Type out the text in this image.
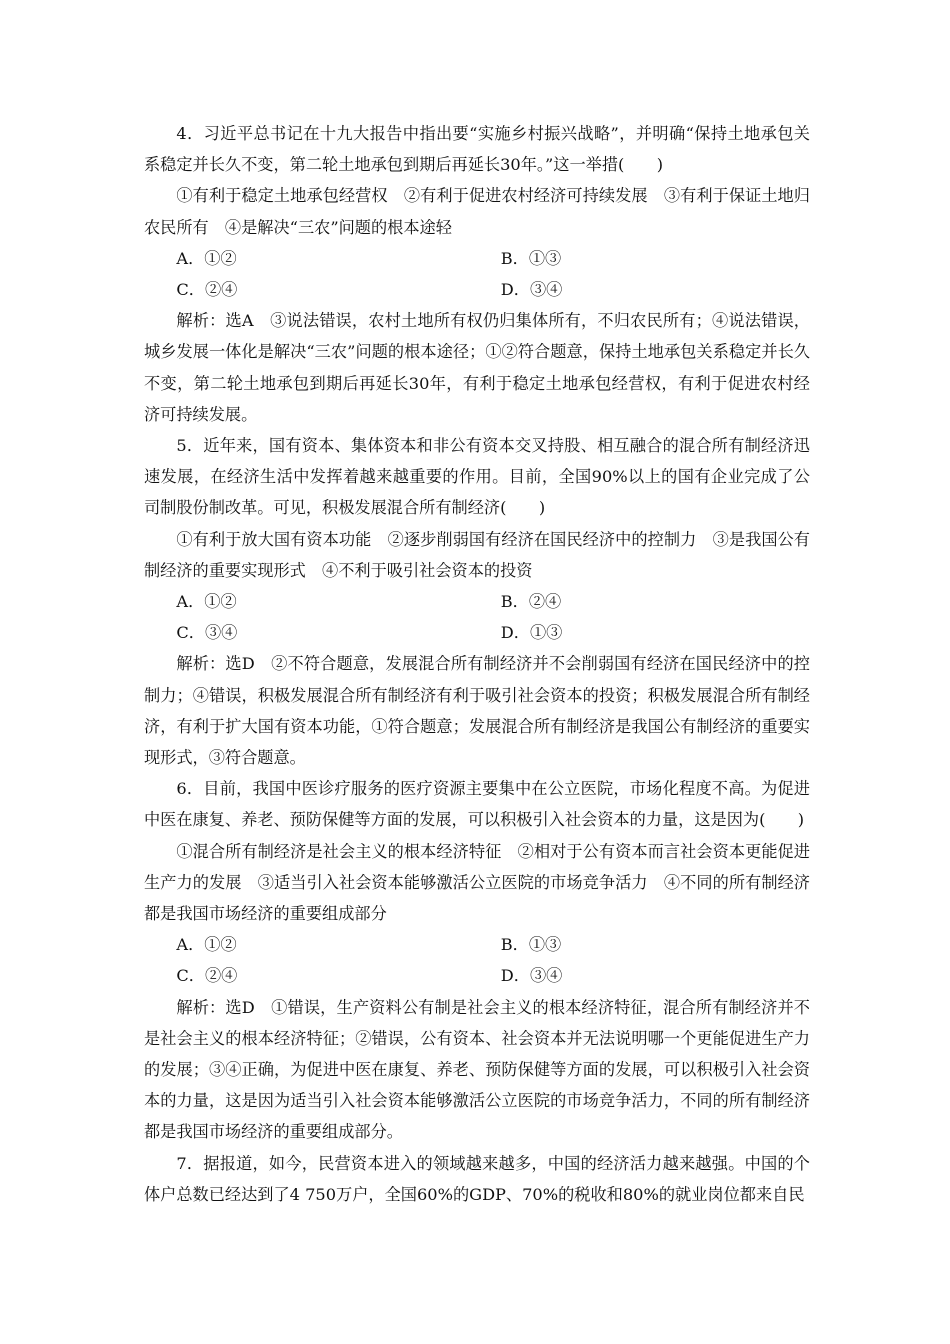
4．习近平总书记在十九大报告中指出要“实施乡村振兴战略”，并明确“保持土地承包关系稳定并长久不变，第二轮土地承包到期后再延长30年。”这一举措(　　)

①有利于稳定土地承包经营权　②有利于促进农村经济可持续发展　③有利于保证土地归农民所有　④是解决“三农”问题的根本途轻

A．①②	B．①③

C．②④	D．③④

解析：选A　③说法错误，农村土地所有权仍归集体所有，不归农民所有；④说法错误，城乡发展一体化是解决“三农”问题的根本途径；①②符合题意，保持土地承包关系稳定并长久不变，第二轮土地承包到期后再延长30年，有利于稳定土地承包经营权，有利于促进农村经济可持续发展。

5．近年来，国有资本、集体资本和非公有资本交叉持股、相互融合的混合所有制经济迅速发展，在经济生活中发挥着越来越重要的作用。目前，全国90%以上的国有企业完成了公司制股份制改革。可见，积极发展混合所有制经济(　　)

①有利于放大国有资本功能　②逐步削弱国有经济在国民经济中的控制力　③是我国公有制经济的重要实现形式　④不利于吸引社会资本的投资

A．①②	B．②④

C．③④	D．①③

解析：选D　②不符合题意，发展混合所有制经济并不会削弱国有经济在国民经济中的控制力；④错误，积极发展混合所有制经济有利于吸引社会资本的投资；积极发展混合所有制经济，有利于扩大国有资本功能，①符合题意；发展混合所有制经济是我国公有制经济的重要实现形式，③符合题意。

6．目前，我国中医诊疗服务的医疗资源主要集中在公立医院，市场化程度不高。为促进中医在康复、养老、预防保健等方面的发展，可以积极引入社会资本的力量，这是因为(　　)

①混合所有制经济是社会主义的根本经济特征　②相对于公有资本而言社会资本更能促进生产力的发展　③适当引入社会资本能够激活公立医院的市场竞争活力　④不同的所有制经济都是我国市场经济的重要组成部分

A．①②	B．①③

C．②④	D．③④

解析：选D　①错误，生产资料公有制是社会主义的根本经济特征，混合所有制经济并不是社会主义的根本经济特征；②错误，公有资本、社会资本并无法说明哪一个更能促进生产力的发展；③④正确，为促进中医在康复、养老、预防保健等方面的发展，可以积极引入社会资本的力量，这是因为适当引入社会资本能够激活公立医院的市场竞争活力，不同的所有制经济都是我国市场经济的重要组成部分。

7．据报道，如今，民营资本进入的领域越来越多，中国的经济活力越来越强。中国的个体户总数已经达到了4 750万户，全国60%的GDP、70%的税收和80%的就业岗位都来自民
